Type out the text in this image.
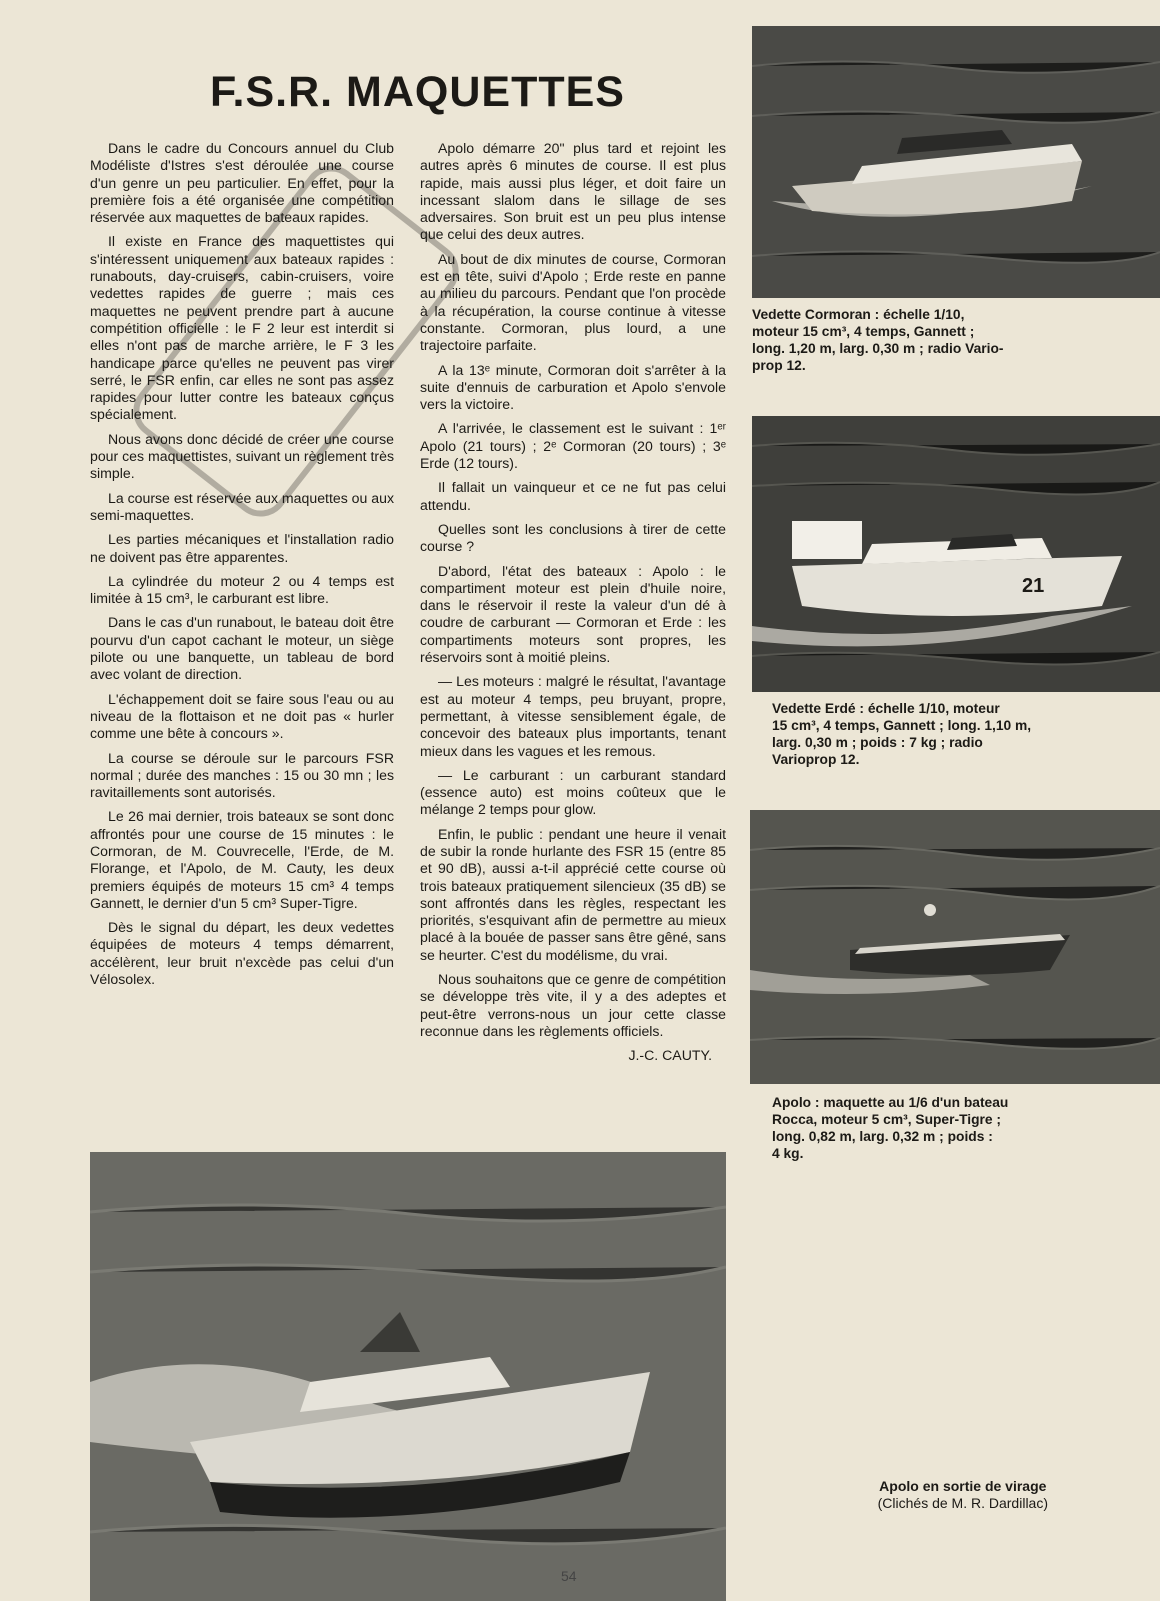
F.S.R. MAQUETTES

Dans le cadre du Concours annuel du Club Modéliste d'Istres s'est déroulée une course d'un genre un peu particulier. En effet, pour la première fois a été organisée une compétition réservée aux maquettes de bateaux rapides.

Il existe en France des maquettistes qui s'intéressent uniquement aux bateaux rapides : runabouts, day-cruisers, cabin-cruisers, voire vedettes rapides de guerre ; mais ces maquettes ne peuvent prendre part à aucune compétition officielle : le F 2 leur est interdit si elles n'ont pas de marche arrière, le F 3 les handicape parce qu'elles ne peuvent pas virer serré, le FSR enfin, car elles ne sont pas assez rapides pour lutter contre les bateaux conçus spécialement.

Nous avons donc décidé de créer une course pour ces maquettistes, suivant un règlement très simple.

La course est réservée aux maquettes ou aux semi-maquettes.

Les parties mécaniques et l'installation radio ne doivent pas être apparentes.

La cylindrée du moteur 2 ou 4 temps est limitée à 15 cm³, le carburant est libre.

Dans le cas d'un runabout, le bateau doit être pourvu d'un capot cachant le moteur, un siège pilote ou une banquette, un tableau de bord avec volant de direction.

L'échappement doit se faire sous l'eau ou au niveau de la flottaison et ne doit pas « hurler comme une bête à concours ».

La course se déroule sur le parcours FSR normal ; durée des manches : 15 ou 30 mn ; les ravitaillements sont autorisés.

Le 26 mai dernier, trois bateaux se sont donc affrontés pour une course de 15 minutes : le Cormoran, de M. Couvrecelle, l'Erde, de M. Florange, et l'Apolo, de M. Cauty, les deux premiers équipés de moteurs 15 cm³ 4 temps Gannett, le dernier d'un 5 cm³ Super-Tigre.

Dès le signal du départ, les deux vedettes équipées de moteurs 4 temps démarrent, accélèrent, leur bruit n'excède pas celui d'un Vélosolex.

Apolo démarre 20" plus tard et rejoint les autres après 6 minutes de course. Il est plus rapide, mais aussi plus léger, et doit faire un incessant slalom dans le sillage de ses adversaires. Son bruit est un peu plus intense que celui des deux autres.

Au bout de dix minutes de course, Cormoran est en tête, suivi d'Apolo ; Erde reste en panne au milieu du parcours. Pendant que l'on procède à la récupération, la course continue à vitesse constante. Cormoran, plus lourd, a une trajectoire parfaite.

A la 13ᵉ minute, Cormoran doit s'arrêter à la suite d'ennuis de carburation et Apolo s'envole vers la victoire.

A l'arrivée, le classement est le suivant : 1ᵉʳ Apolo (21 tours) ; 2ᵉ Cormoran (20 tours) ; 3ᵉ Erde (12 tours).

Il fallait un vainqueur et ce ne fut pas celui attendu.

Quelles sont les conclusions à tirer de cette course ?

D'abord, l'état des bateaux : Apolo : le compartiment moteur est plein d'huile noire, dans le réservoir il reste la valeur d'un dé à coudre de carburant — Cormoran et Erde : les compartiments moteurs sont propres, les réservoirs sont à moitié pleins.

— Les moteurs : malgré le résultat, l'avantage est au moteur 4 temps, peu bruyant, propre, permettant, à vitesse sensiblement égale, de concevoir des bateaux plus importants, tenant mieux dans les vagues et les remous.

— Le carburant : un carburant standard (essence auto) est moins coûteux que le mélange 2 temps pour glow.

Enfin, le public : pendant une heure il venait de subir la ronde hurlante des FSR 15 (entre 85 et 90 dB), aussi a-t-il apprécié cette course où trois bateaux pratiquement silencieux (35 dB) se sont affrontés dans les règles, respectant les priorités, s'esquivant afin de permettre au mieux placé à la bouée de passer sans être gêné, sans se heurter. C'est du modélisme, du vrai.

Nous souhaitons que ce genre de compétition se développe très vite, il y a des adeptes et peut-être verrons-nous un jour cette classe reconnue dans les règlements officiels.

J.-C. CAUTY.

Vedette Cormoran : échelle 1/10,
moteur 15 cm³, 4 temps, Gannett ;
long. 1,20 m, larg. 0,30 m ; radio Vario-
prop 12.
21
Vedette Erdé : échelle 1/10, moteur
15 cm³, 4 temps, Gannett ; long. 1,10 m,
larg. 0,30 m ; poids : 7 kg ; radio
Varioprop 12.
Apolo : maquette au 1/6 d'un bateau
Rocca, moteur 5 cm³, Super-Tigre ;
long. 0,82 m, larg. 0,32 m ; poids :
4 kg.
Apolo en sortie de virage
(Clichés de M. R. Dardillac)
54
